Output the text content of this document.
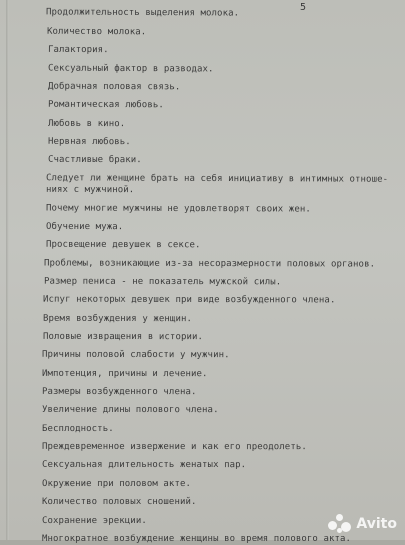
5
Продолжительность выделения молока.
Количество молока.
Галактория.
Сексуальный фактор в разводах.
Добрачная половая связь.
Романтическая любовь.
Любовь в кино.
Нервная любовь.
Счастливые браки.
Следует ли женщине брать на себя инициативу в интимных отноше-
ниях с мужчиной.
Почему многие мужчины не удовлетворят своих жен.
Обучение мужа.
Просвещение девушек в сексе.
Проблемы, возникающие из-за несоразмерности половых органов.
Размер пениса - не показатель мужской силы.
Испуг некоторых девушек при виде возбужденного члена.
Время возбуждения у женщин.
Половые извращения в истории.
Причины половой слабости у мужчин.
Импотенция, причины и лечение.
Размеры возбужденного члена.
Увеличение длины полового члена.
Бесплодность.
Преждевременное извержение и как его преодолеть.
Сексуальная длительность женатых пар.
Окружение при половом акте.
Количество половых сношений.
Сохранение эрекции.
Многократное возбуждение женщины во время полового акта.
Avito
